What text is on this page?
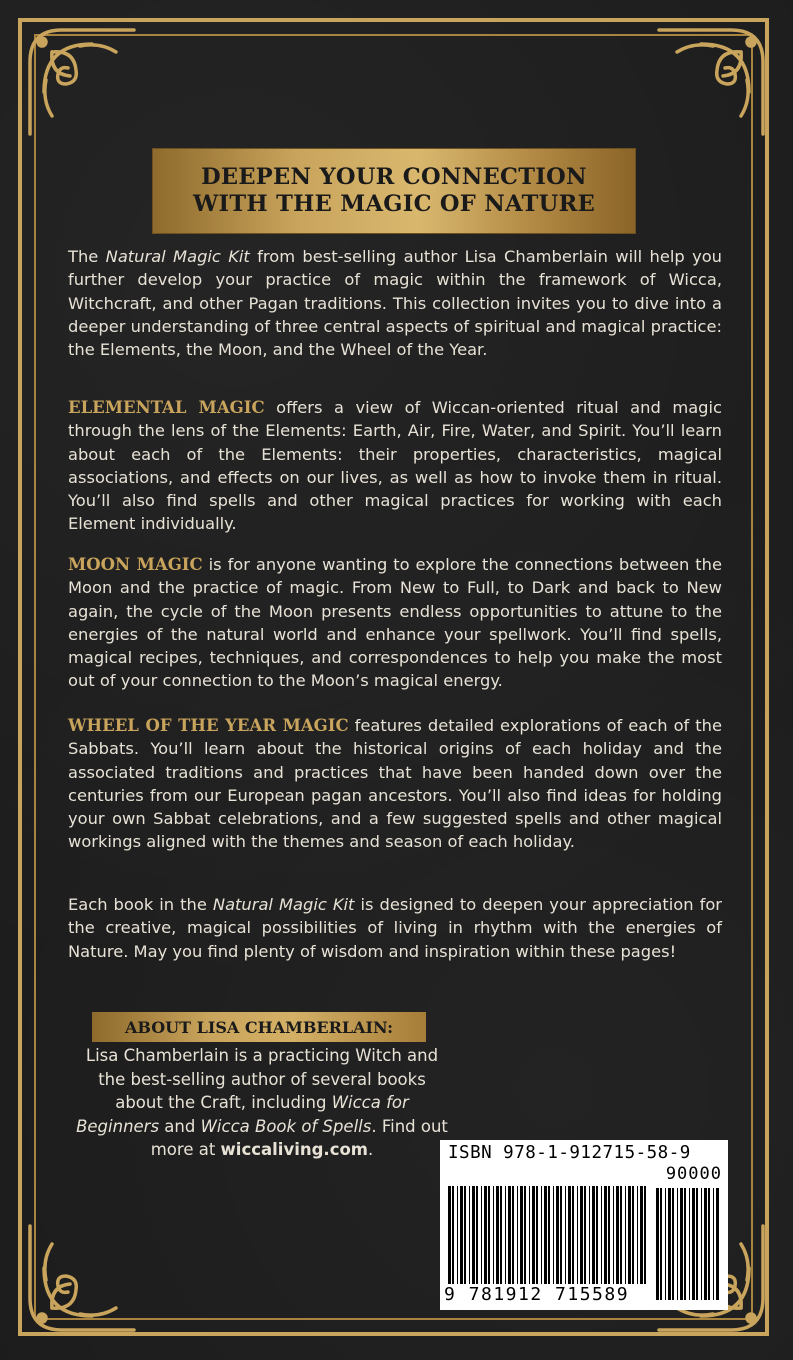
DEEPEN YOUR CONNECTION
WITH THE MAGIC OF NATURE

The Natural Magic Kit from best-selling author Lisa Chamberlain will help you further develop your practice of magic within the framework of Wicca, Witchcraft, and other Pagan traditions. This collection invites you to dive into a deeper understanding of three central aspects of spiritual and magical practice: the Elements, the Moon, and the Wheel of the Year.

ELEMENTAL MAGIC offers a view of Wiccan-oriented ritual and magic through the lens of the Elements: Earth, Air, Fire, Water, and Spirit. You’ll learn about each of the Elements: their properties, characteristics, magical associations, and effects on our lives, as well as how to invoke them in ritual. You’ll also find spells and other magical practices for working with each Element individually.

MOON MAGIC is for anyone wanting to explore the connections between the Moon and the practice of magic. From New to Full, to Dark and back to New again, the cycle of the Moon presents endless opportunities to attune to the energies of the natural world and enhance your spellwork. You’ll find spells, magical recipes, techniques, and correspondences to help you make the most out of your connection to the Moon’s magical energy.

WHEEL OF THE YEAR MAGIC features detailed explorations of each of the Sabbats. You’ll learn about the historical origins of each holiday and the associated traditions and practices that have been handed down over the centuries from our European pagan ancestors. You’ll also find ideas for holding your own Sabbat celebrations, and a few suggested spells and other magical workings aligned with the themes and season of each holiday.

Each book in the Natural Magic Kit is designed to deepen your appreciation for the creative, magical possibilities of living in rhythm with the energies of Nature. May you find plenty of wisdom and inspiration within these pages!

ABOUT LISA CHAMBERLAIN:

Lisa Chamberlain is a practicing Witch and the best-selling author of several books about the Craft, including Wicca for Beginners and Wicca Book of Spells. Find out more at wiccaliving.com.	ISBN 978-1-912715-58-9
90000
9 781912 715589
